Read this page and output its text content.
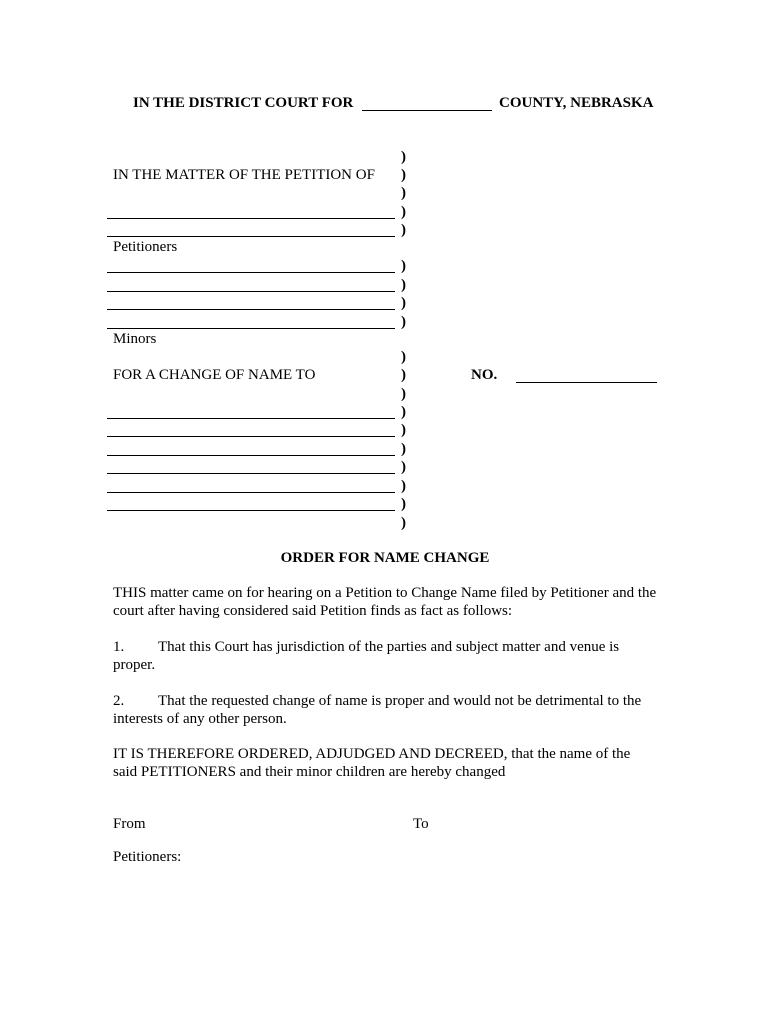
IN THE DISTRICT COURT FOR	COUNTY, NEBRASKA
IN THE MATTER OF THE PETITION OF
Petitioners
Minors
FOR A CHANGE OF NAME TO
)
)
)
)
)
)
)
)
)
)
)
)
)
)
)
)
)
)
)
NO.
ORDER FOR NAME CHANGE
THIS matter came on for hearing on a Petition to Change Name filed by Petitioner and the court after having considered said Petition finds as fact as follows:
1. That this Court has jurisdiction of the parties and subject matter and venue is proper.
2. That the requested change of name is proper and would not be detrimental to the interests of any other person.
IT IS THEREFORE ORDERED, ADJUDGED AND DECREED, that the name of the said PETITIONERS and their minor children are hereby changed
From	To
Petitioners:
